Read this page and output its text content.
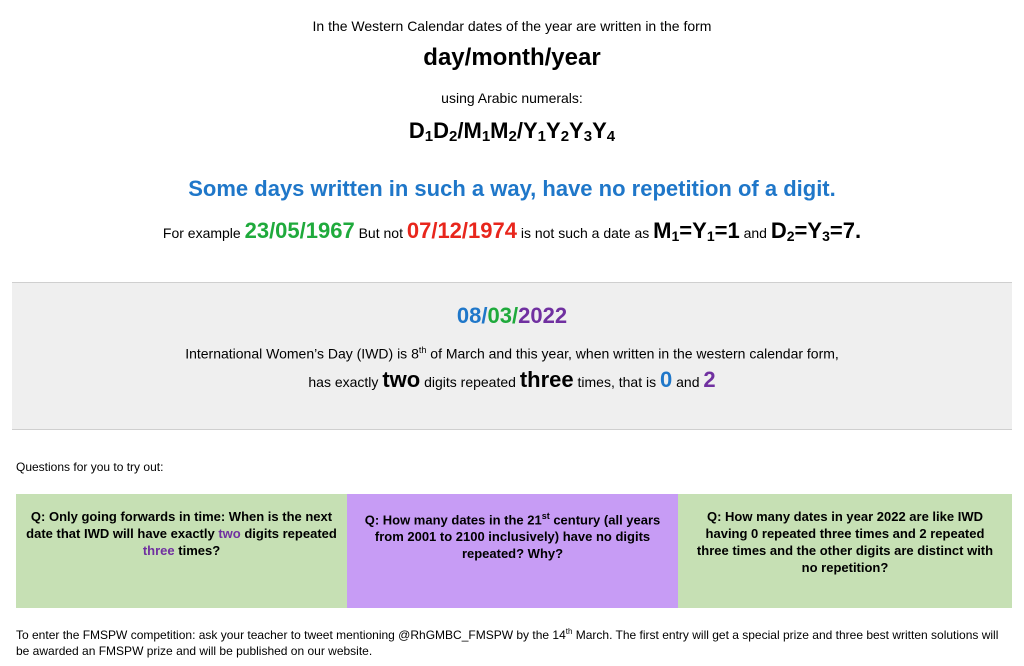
In the Western Calendar dates of the year are written in the form
day/month/year
using Arabic numerals:
$D_1D_2/M_1M_2/Y_1Y_2Y_3Y_4$
Some days written in such a way, have no repetition of a digit.
For example 23/05/1967 But not 07/12/1974 is not such a date as $M_1=Y_1=1$ and $D_2=Y_3=7$.
08/03/2022
International Women’s Day (IWD) is 8th of March and this year, when written in the western calendar form,
has exactly two digits repeated three times, that is 0 and 2
Questions for you to try out:
Q: Only going forwards in time: When is the next date that IWD will have exactly two digits repeated three times?
Q: How many dates in the 21st century (all years from 2001 to 2100 inclusively) have no digits repeated? Why?
Q: How many dates in year 2022 are like IWD having 0 repeated three times and 2 repeated three times and the other digits are distinct with no repetition?
To enter the FMSPW competition: ask your teacher to tweet mentioning @RhGMBC_FMSPW by the 14th March. The first entry will get a special prize and three best written solutions will be awarded an FMSPW prize and will be published on our website.
